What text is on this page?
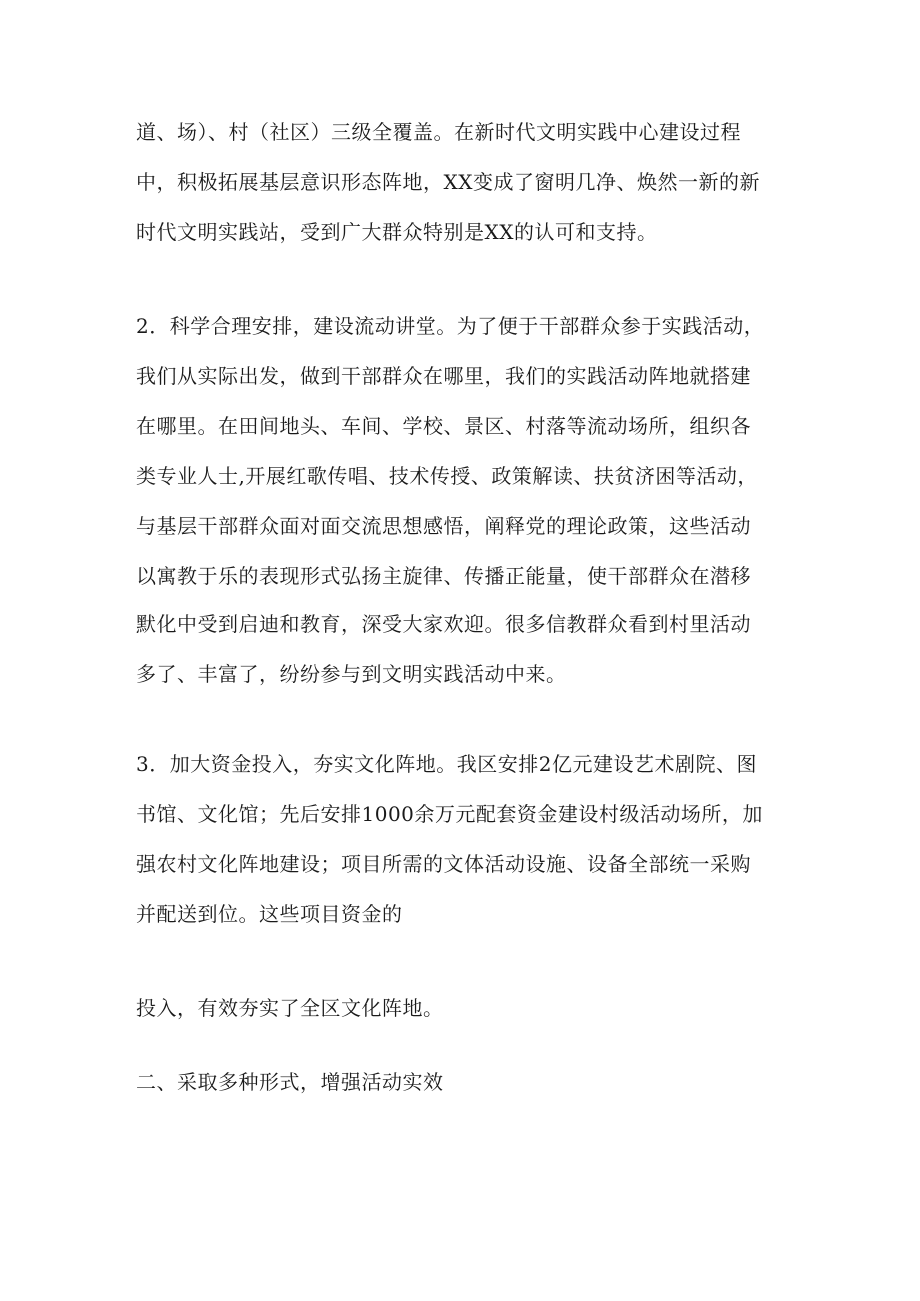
道、场）、村（社区）三级全覆盖。在新时代文明实践中心建设过程
中，积极拓展基层意识形态阵地，XX变成了窗明几净、焕然一新的新
时代文明实践站，受到广大群众特别是XX的认可和支持。
2．科学合理安排，建设流动讲堂。为了便于干部群众参于实践活动，
我们从实际出发，做到干部群众在哪里，我们的实践活动阵地就搭建
在哪里。在田间地头、车间、学校、景区、村落等流动场所，组织各
类专业人士,开展红歌传唱、技术传授、政策解读、扶贫济困等活动，
与基层干部群众面对面交流思想感悟，阐释党的理论政策，这些活动
以寓教于乐的表现形式弘扬主旋律、传播正能量，使干部群众在潜移
默化中受到启迪和教育，深受大家欢迎。很多信教群众看到村里活动
多了、丰富了，纷纷参与到文明实践活动中来。
3．加大资金投入，夯实文化阵地。我区安排2亿元建设艺术剧院、图
书馆、文化馆；先后安排1000余万元配套资金建设村级活动场所，加
强农村文化阵地建设；项目所需的文体活动设施、设备全部统一采购
并配送到位。这些项目资金的
投入，有效夯实了全区文化阵地。
二、采取多种形式，增强活动实效
